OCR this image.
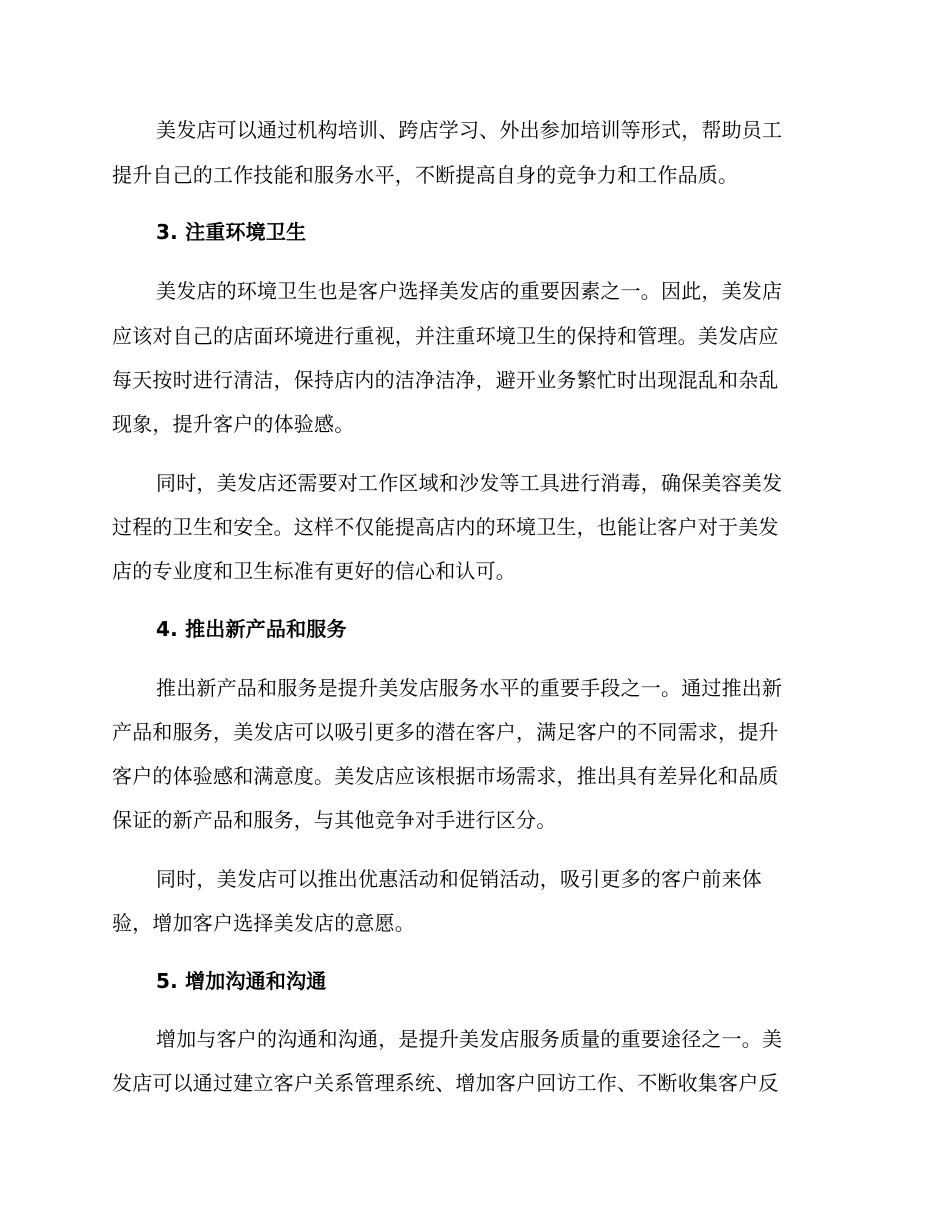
美发店可以通过机构培训、跨店学习、外出参加培训等形式，帮助员工

提升自己的工作技能和服务水平，不断提高自身的竞争力和工作品质。

3. 注重环境卫生

美发店的环境卫生也是客户选择美发店的重要因素之一。因此，美发店

应该对自己的店面环境进行重视，并注重环境卫生的保持和管理。美发店应

每天按时进行清洁，保持店内的洁净洁净，避开业务繁忙时出现混乱和杂乱

现象，提升客户的体验感。

同时，美发店还需要对工作区域和沙发等工具进行消毒，确保美容美发

过程的卫生和安全。这样不仅能提高店内的环境卫生，也能让客户对于美发

店的专业度和卫生标准有更好的信心和认可。

4. 推出新产品和服务

推出新产品和服务是提升美发店服务水平的重要手段之一。通过推出新

产品和服务，美发店可以吸引更多的潜在客户，满足客户的不同需求，提升

客户的体验感和满意度。美发店应该根据市场需求，推出具有差异化和品质

保证的新产品和服务，与其他竞争对手进行区分。

同时，美发店可以推出优惠活动和促销活动，吸引更多的客户前来体

验，增加客户选择美发店的意愿。

5. 增加沟通和沟通

增加与客户的沟通和沟通，是提升美发店服务质量的重要途径之一。美

发店可以通过建立客户关系管理系统、增加客户回访工作、不断收集客户反
